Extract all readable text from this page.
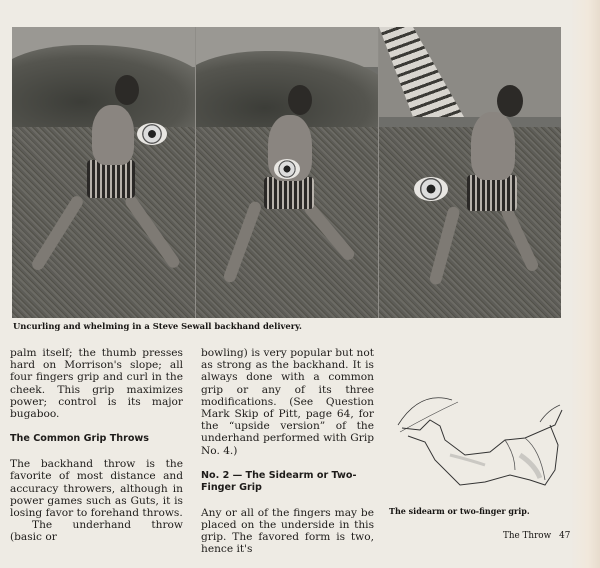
Uncurling and whelming in a Steve Sewall backhand delivery.

palm itself; the thumb presses hard on Morrison's slope; all four fingers grip and curl in the cheek. This grip maximizes power; control is its major bugaboo.

The Common Grip Throws

The backhand throw is the favorite of most distance and accuracy throwers, although in power games such as Guts, it is losing favor to forehand throws.

The underhand throw (basic or

bowling) is very popular but not as strong as the backhand. It is always done with a common grip or any of its three modifications. (See Question Mark Skip of Pitt, page 64, for the “upside version” of the underhand performed with Grip No. 4.)

No. 2 — The Sidearm or Two-Finger Grip

Any or all of the fingers may be placed on the underside in this grip. The favored form is two, hence it's

The sidearm or two-finger grip.
The Throw 47
